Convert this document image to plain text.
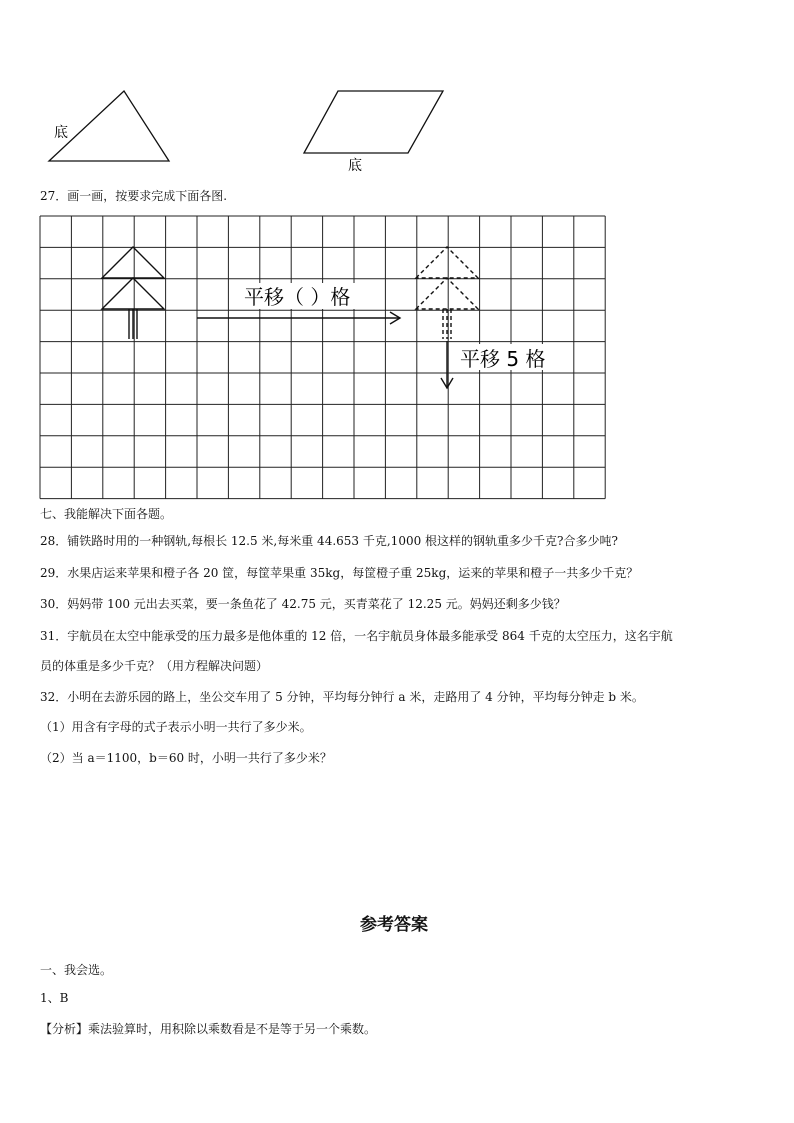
底
底
27．画一画，按要求完成下面各图.
平移（ ）格
平移 5 格
七、我能解决下面各题。
28．铺铁路时用的一种钢轨,每根长 12.5 米,每米重 44.653 千克,1000 根这样的钢轨重多少千克?合多少吨?
29．水果店运来苹果和橙子各 20 筐，每筐苹果重 35kg，每筐橙子重 25kg，运来的苹果和橙子一共多少千克？
30．妈妈带 100 元出去买菜，要一条鱼花了 42.75 元，买青菜花了 12.25 元。妈妈还剩多少钱？
31．宇航员在太空中能承受的压力最多是他体重的 12 倍，一名宇航员身体最多能承受 864 千克的太空压力，这名宇航
员的体重是多少千克？（用方程解决问题）
32．小明在去游乐园的路上，坐公交车用了 5 分钟，平均每分钟行 a 米，走路用了 4 分钟，平均每分钟走 b 米。
（1）用含有字母的式子表示小明一共行了多少米。
（2）当 a＝1100，b＝60 时，小明一共行了多少米？
参考答案
一、我会选。
1、B
【分析】乘法验算时，用积除以乘数看是不是等于另一个乘数。
